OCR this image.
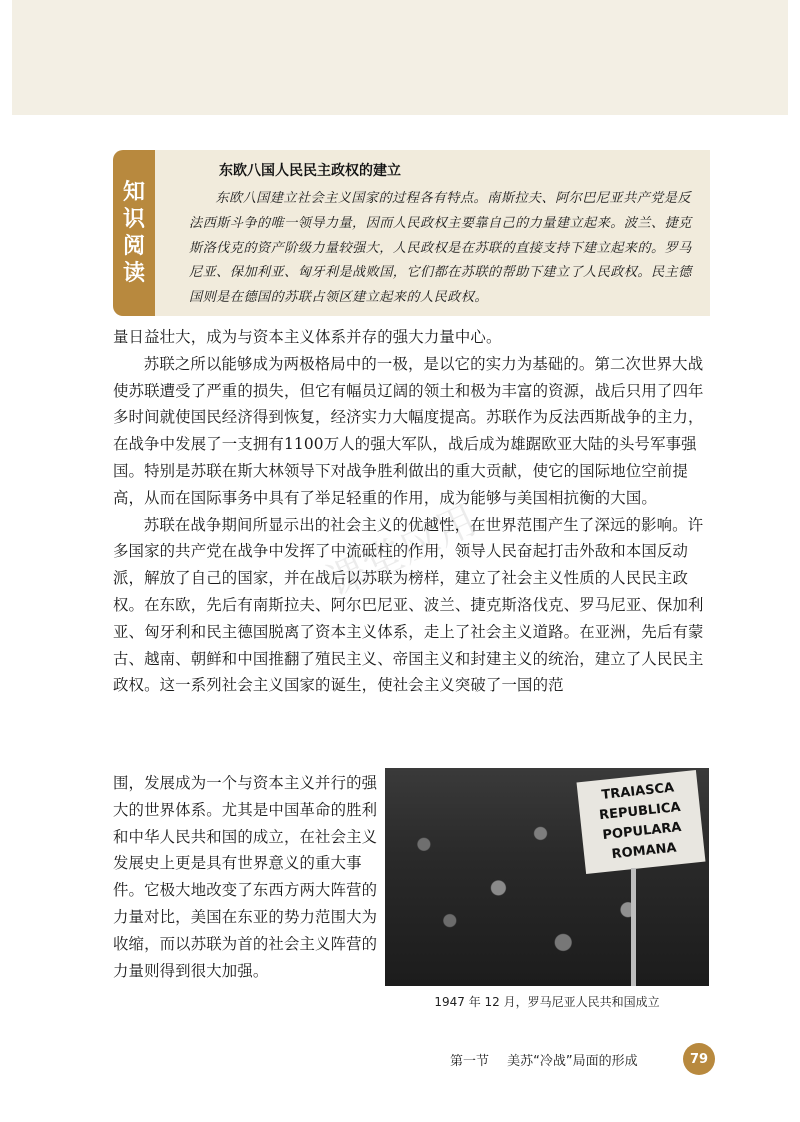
知
识
阅
读
东欧八国人民民主政权的建立

东欧八国建立社会主义国家的过程各有特点。南斯拉夫、阿尔巴尼亚共产党是反法西斯斗争的唯一领导力量，因而人民政权主要靠自己的力量建立起来。波兰、捷克斯洛伐克的资产阶级力量较强大，人民政权是在苏联的直接支持下建立起来的。罗马尼亚、保加利亚、匈牙利是战败国，它们都在苏联的帮助下建立了人民政权。民主德国则是在德国的苏联占领区建立起来的人民政权。

课堂应用

量日益壮大，成为与资本主义体系并存的强大力量中心。

苏联之所以能够成为两极格局中的一极，是以它的实力为基础的。第二次世界大战使苏联遭受了严重的损失，但它有幅员辽阔的领土和极为丰富的资源，战后只用了四年多时间就使国民经济得到恢复，经济实力大幅度提高。苏联作为反法西斯战争的主力，在战争中发展了一支拥有1100万人的强大军队，战后成为雄踞欧亚大陆的头号军事强国。特别是苏联在斯大林领导下对战争胜利做出的重大贡献，使它的国际地位空前提高，从而在国际事务中具有了举足轻重的作用，成为能够与美国相抗衡的大国。

苏联在战争期间所显示出的社会主义的优越性，在世界范围产生了深远的影响。许多国家的共产党在战争中发挥了中流砥柱的作用，领导人民奋起打击外敌和本国反动派，解放了自己的国家，并在战后以苏联为榜样，建立了社会主义性质的人民民主政权。在东欧，先后有南斯拉夫、阿尔巴尼亚、波兰、捷克斯洛伐克、罗马尼亚、保加利亚、匈牙利和民主德国脱离了资本主义体系，走上了社会主义道路。在亚洲，先后有蒙古、越南、朝鲜和中国推翻了殖民主义、帝国主义和封建主义的统治，建立了人民民主政权。这一系列社会主义国家的诞生，使社会主义突破了一国的范

围，发展成为一个与资本主义并行的强大的世界体系。尤其是中国革命的胜利和中华人民共和国的成立，在社会主义发展史上更是具有世界意义的重大事件。它极大地改变了东西方两大阵营的力量对比，美国在东亚的势力范围大为收缩，而以苏联为首的社会主义阵营的力量则得到很大加强。
TRAIASCA
REPUBLICA
POPULARA
ROMANA
1947 年 12 月，罗马尼亚人民共和国成立
第一节 美苏“冷战”局面的形成	79
